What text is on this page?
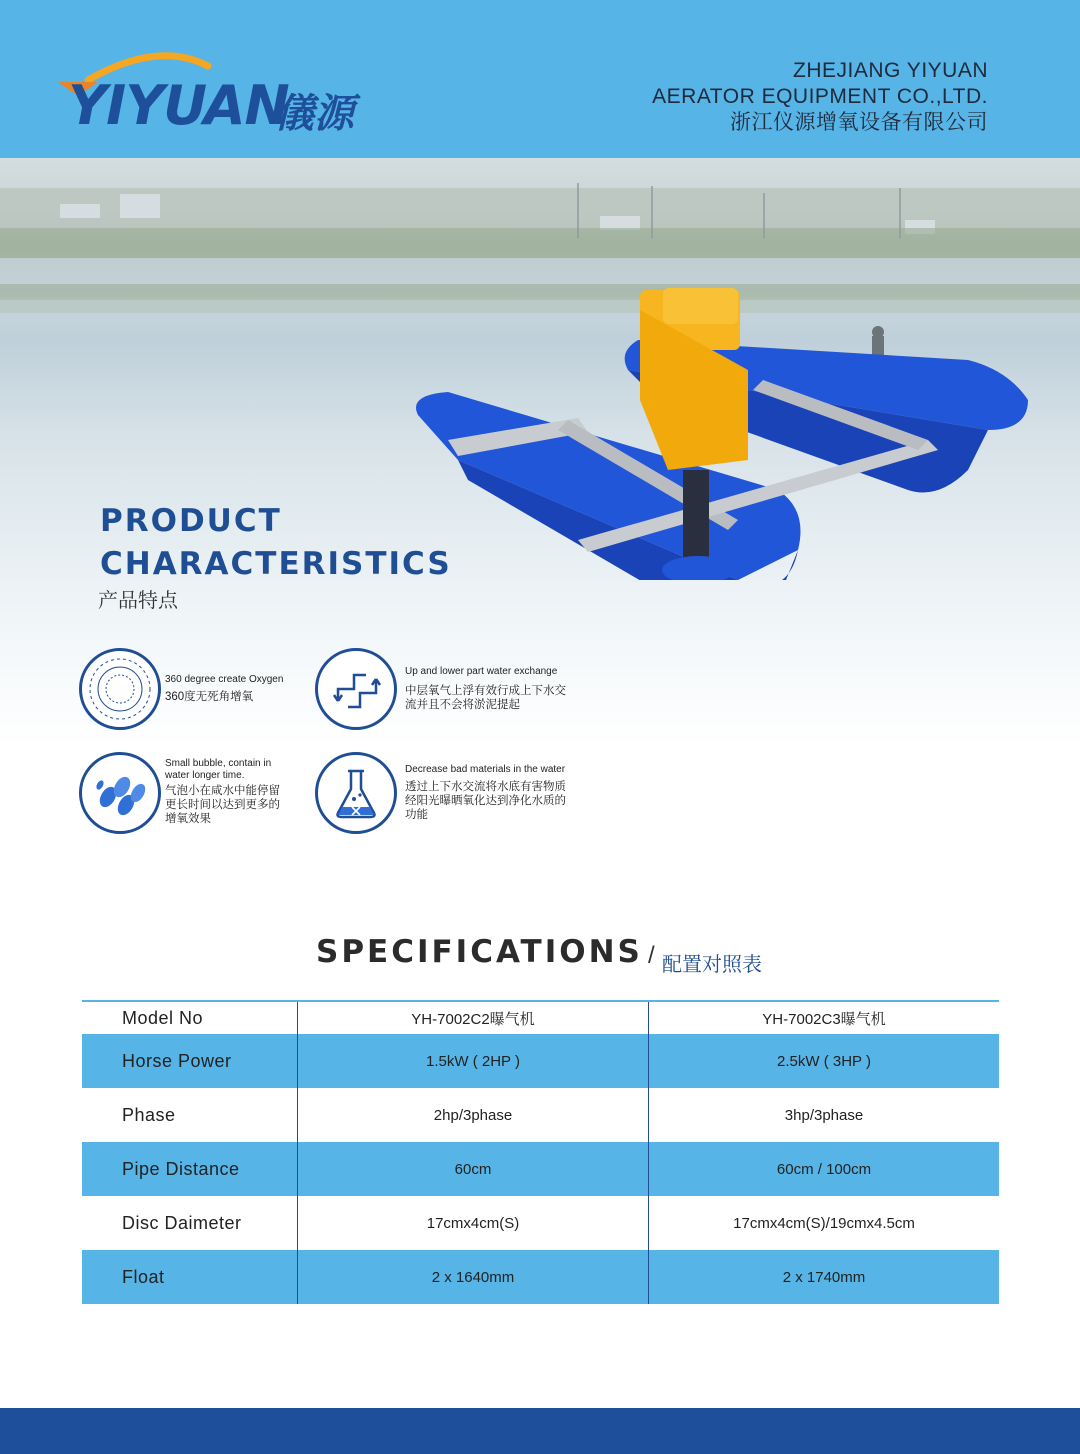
YIYUAN
儀源
ZHEJIANG YIYUAN
AERATOR EQUIPMENT CO.,LTD.
浙江仪源增氧设备有限公司
PRODUCT
CHARACTERISTICS
产品特点
360 degree create Oxygen
360度无死角增氧
Up and lower part water exchange
中层氧气上浮有效行成上下水交流并且不会将淤泥提起
Small bubble, contain in water longer time.
气泡小在咸水中能停留更长时间以达到更多的增氧效果
Decrease bad materials in the water
透过上下水交流将水底有害物质经阳光曝晒氧化达到净化水质的功能
SPECIFICATIONS / 配置对照表
Model No	YH-7002C2曝气机	YH-7002C3曝气机
Horse Power	1.5kW ( 2HP )	2.5kW ( 3HP )
Phase	2hp/3phase	3hp/3phase
Pipe Distance	60cm	60cm / 100cm
Disc Daimeter	17cmx4cm(S)	17cmx4cm(S)/19cmx4.5cm
Float	2 x 1640mm	2 x 1740mm
